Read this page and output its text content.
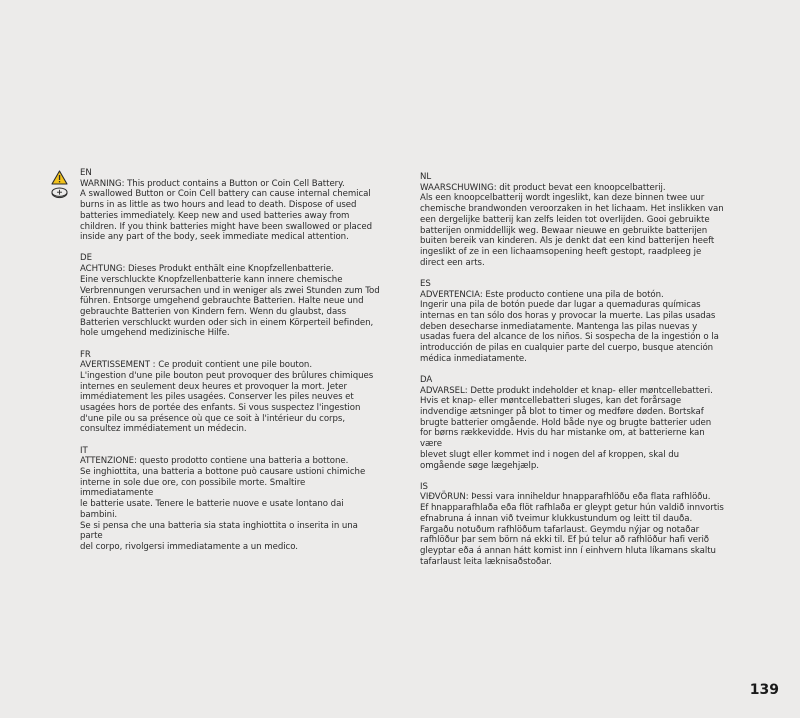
EN

WARNING: This product contains a Button or Coin Cell Battery.
A swallowed Button or Coin Cell battery can cause internal chemical
burns in as little as two hours and lead to death. Dispose of used
batteries immediately. Keep new and used batteries away from
children. If you think batteries might have been swallowed or placed
inside any part of the body, seek immediate medical attention.

DE

ACHTUNG: Dieses Produkt enthält eine Knopfzellenbatterie.
Eine verschluckte Knopfzellenbatterie kann innere chemische
Verbrennungen verursachen und in weniger als zwei Stunden zum Tod
führen. Entsorge umgehend gebrauchte Batterien. Halte neue und
gebrauchte Batterien von Kindern fern. Wenn du glaubst, dass
Batterien verschluckt wurden oder sich in einem Körperteil befinden,
hole umgehend medizinische Hilfe.

FR

AVERTISSEMENT : Ce produit contient une pile bouton.
L'ingestion d'une pile bouton peut provoquer des brûlures chimiques
internes en seulement deux heures et provoquer la mort. Jeter
immédiatement les piles usagées. Conserver les piles neuves et
usagées hors de portée des enfants. Si vous suspectez l'ingestion
d'une pile ou sa présence où que ce soit à l'intérieur du corps,
consultez immédiatement un médecin.

IT

ATTENZIONE: questo prodotto contiene una batteria a bottone.
Se inghiottita, una batteria a bottone può causare ustioni chimiche
interne in sole due ore, con possibile morte. Smaltire immediatamente
le batterie usate. Tenere le batterie nuove e usate lontano dai bambini.
Se si pensa che una batteria sia stata inghiottita o inserita in una parte
del corpo, rivolgersi immediatamente a un medico.

NL

WAARSCHUWING: dit product bevat een knoopcelbatterij.
Als een knoopcelbatterij wordt ingeslikt, kan deze binnen twee uur
chemische brandwonden veroorzaken in het lichaam. Het inslikken van
een dergelijke batterij kan zelfs leiden tot overlijden. Gooi gebruikte
batterijen onmiddellijk weg. Bewaar nieuwe en gebruikte batterijen
buiten bereik van kinderen. Als je denkt dat een kind batterijen heeft
ingeslikt of ze in een lichaamsopening heeft gestopt, raadpleeg je
direct een arts.

ES

ADVERTENCIA: Este producto contiene una pila de botón.
Ingerir una pila de botón puede dar lugar a quemaduras químicas
internas en tan sólo dos horas y provocar la muerte. Las pilas usadas
deben desecharse inmediatamente. Mantenga las pilas nuevas y
usadas fuera del alcance de los niños. Si sospecha de la ingestión o la
introducción de pilas en cualquier parte del cuerpo, busque atención
médica inmediatamente.

DA

ADVARSEL: Dette produkt indeholder et knap- eller møntcellebatteri.
Hvis et knap- eller møntcellebatteri sluges, kan det forårsage
indvendige ætsninger på blot to timer og medføre døden. Bortskaf
brugte batterier omgående. Hold både nye og brugte batterier uden
for børns rækkevidde. Hvis du har mistanke om, at batterierne kan være
blevet slugt eller kommet ind i nogen del af kroppen, skal du
omgående søge lægehjælp.

IS

VIÐVÖRUN: Þessi vara inniheldur hnapparafhlöðu eða flata rafhlöðu.
Ef hnapparafhlaða eða flöt rafhlaða er gleypt getur hún valdið innvortis
efnabruna á innan við tveimur klukkustundum og leitt til dauða.
Fargaðu notuðum rafhlöðum tafarlaust. Geymdu nýjar og notaðar
rafhlöður þar sem börn ná ekki til. Ef þú telur að rafhlöður hafi verið
gleyptar eða á annan hátt komist inn í einhvern hluta líkamans skaltu
tafarlaust leita læknisaðstoðar.

139
